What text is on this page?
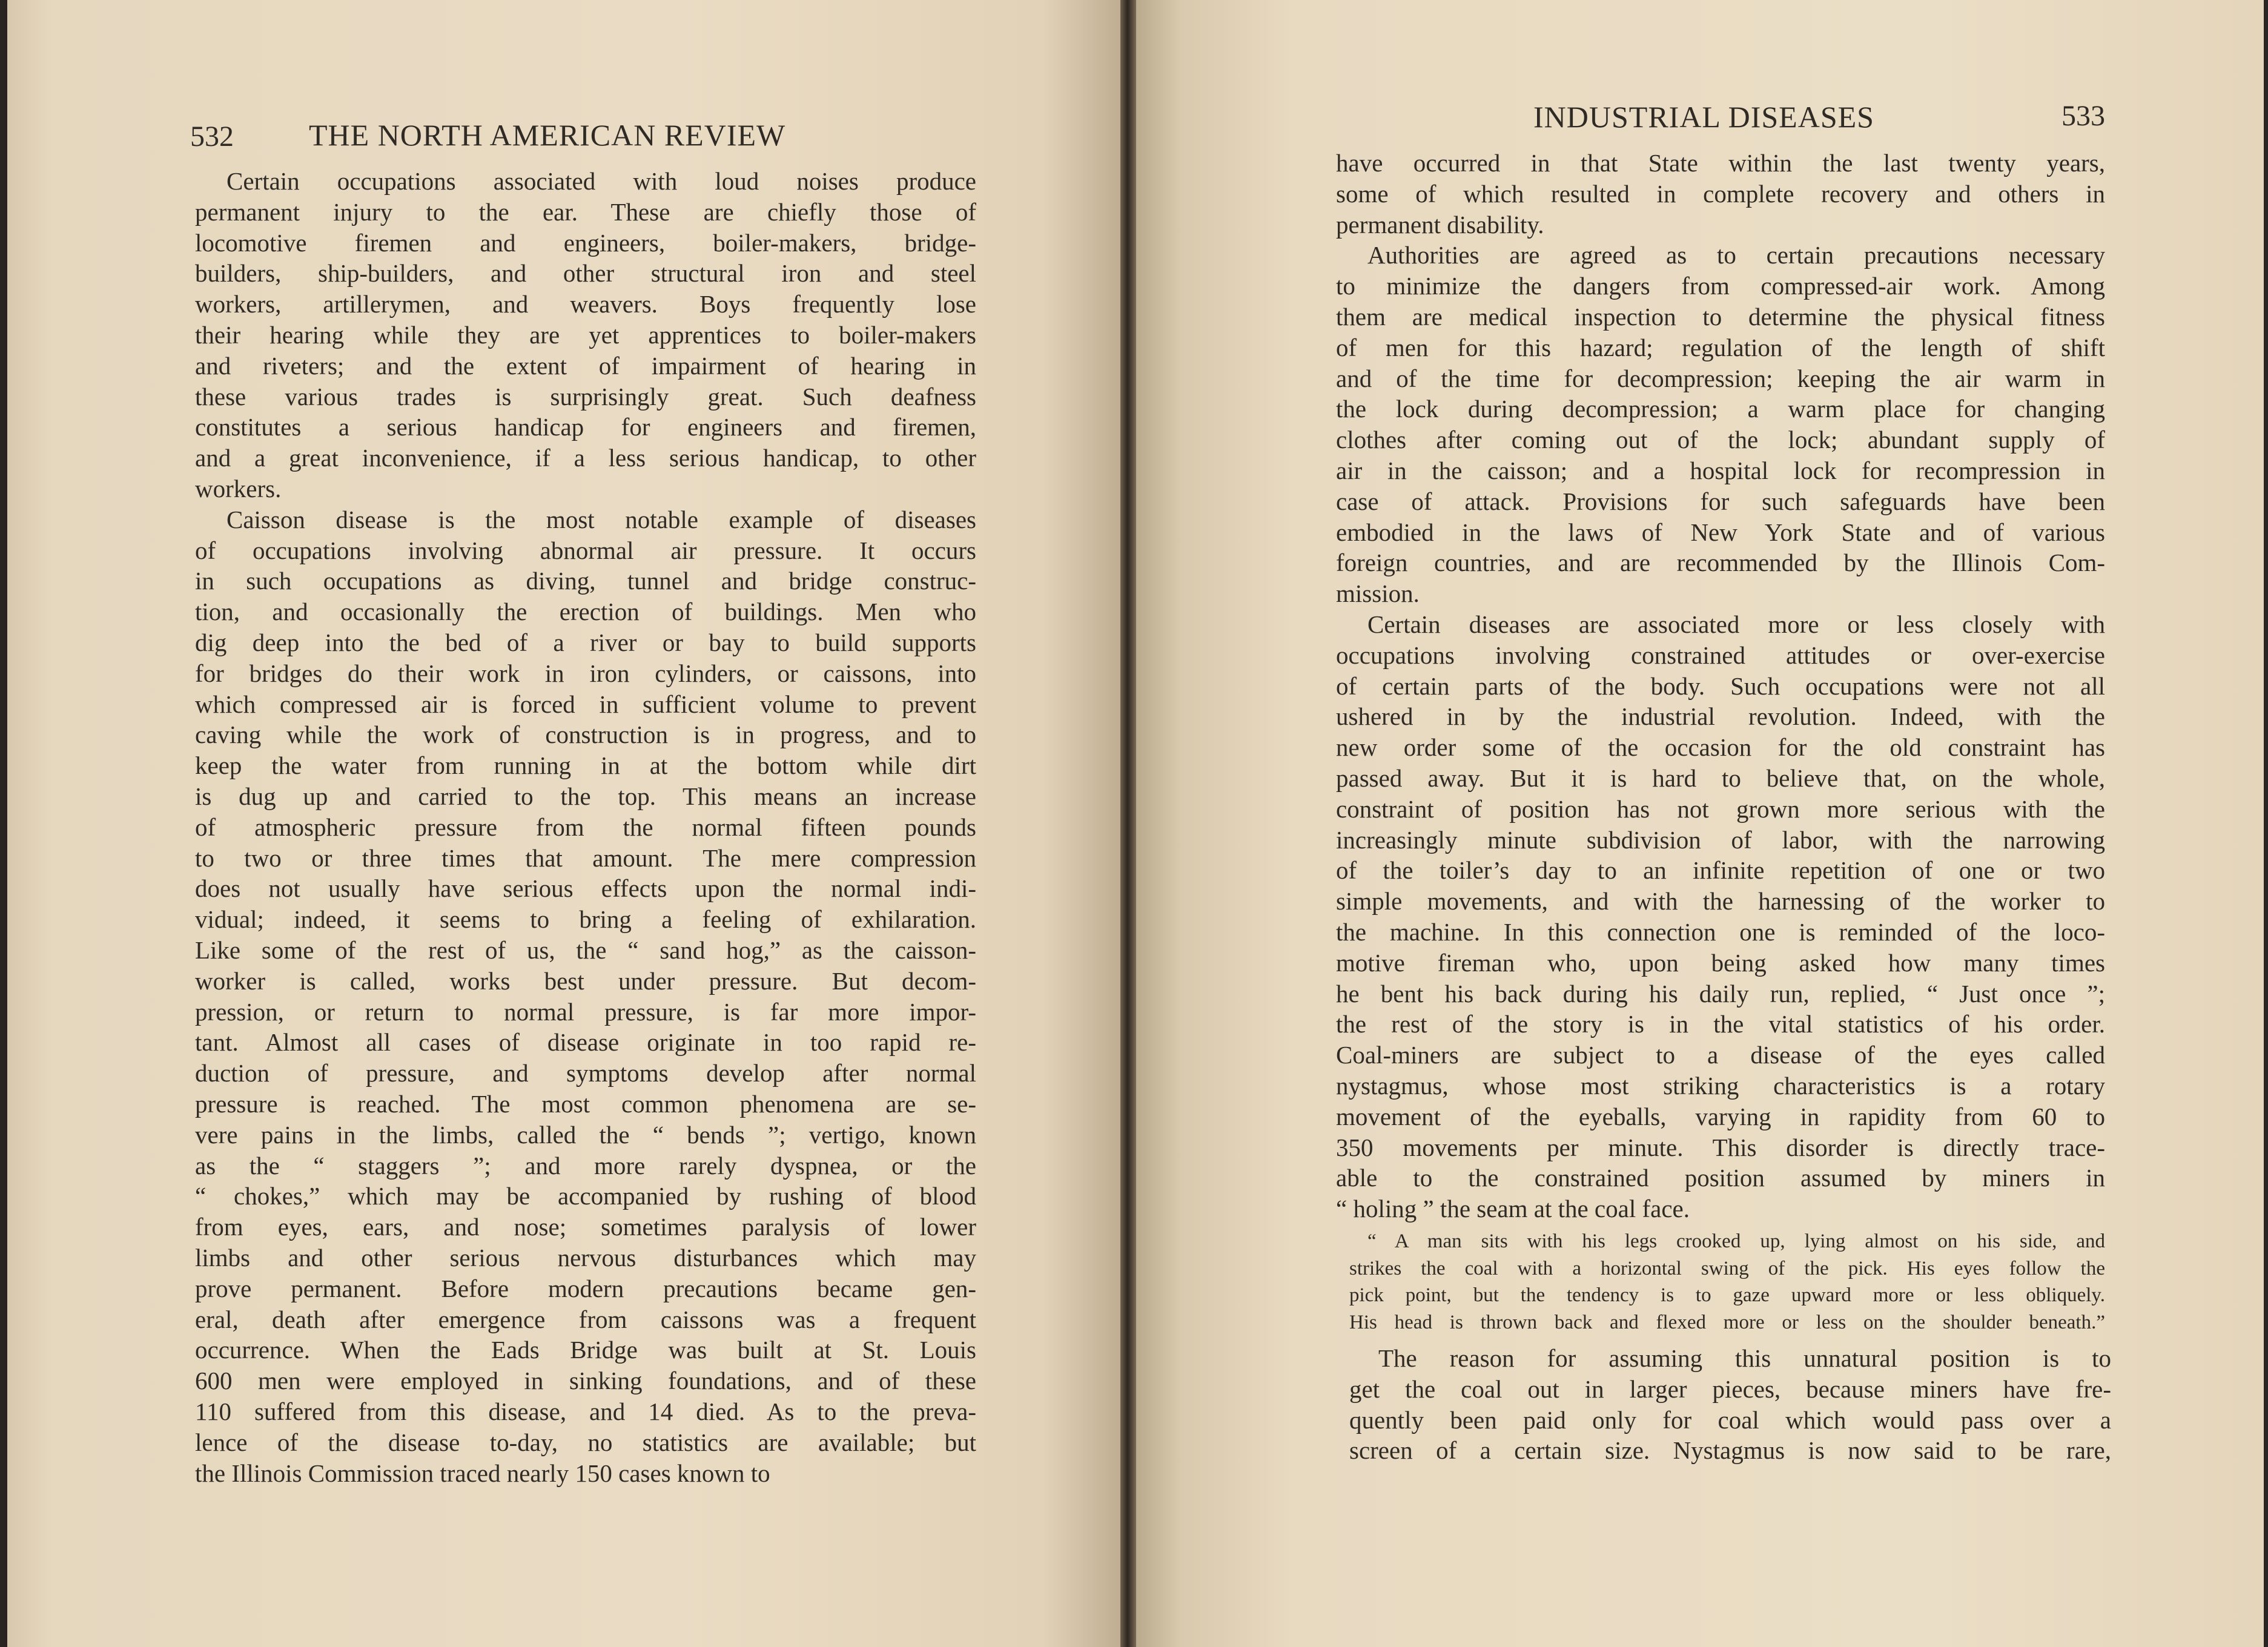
532 THE NORTH AMERICAN REVIEW
Certain occupations associated with loud noises produce
permanent injury to the ear. These are chiefly those of
locomotive firemen and engineers, boiler-makers, bridge-
builders, ship-builders, and other structural iron and steel
workers, artillerymen, and weavers. Boys frequently lose
their hearing while they are yet apprentices to boiler-makers
and riveters; and the extent of impairment of hearing in
these various trades is surprisingly great. Such deafness
constitutes a serious handicap for engineers and firemen,
and a great inconvenience, if a less serious handicap, to other
workers.
Caisson disease is the most notable example of diseases
of occupations involving abnormal air pressure. It occurs
in such occupations as diving, tunnel and bridge construc-
tion, and occasionally the erection of buildings. Men who
dig deep into the bed of a river or bay to build supports
for bridges do their work in iron cylinders, or caissons, into
which compressed air is forced in sufficient volume to prevent
caving while the work of construction is in progress, and to
keep the water from running in at the bottom while dirt
is dug up and carried to the top. This means an increase
of atmospheric pressure from the normal fifteen pounds
to two or three times that amount. The mere compression
does not usually have serious effects upon the normal indi-
vidual; indeed, it seems to bring a feeling of exhilaration.
Like some of the rest of us, the “ sand hog,” as the caisson-
worker is called, works best under pressure. But decom-
pression, or return to normal pressure, is far more impor-
tant. Almost all cases of disease originate in too rapid re-
duction of pressure, and symptoms develop after normal
pressure is reached. The most common phenomena are se-
vere pains in the limbs, called the “ bends ”; vertigo, known
as the “ staggers ”; and more rarely dyspnea, or the
“ chokes,” which may be accompanied by rushing of blood
from eyes, ears, and nose; sometimes paralysis of lower
limbs and other serious nervous disturbances which may
prove permanent. Before modern precautions became gen-
eral, death after emergence from caissons was a frequent
occurrence. When the Eads Bridge was built at St. Louis
600 men were employed in sinking foundations, and of these
110 suffered from this disease, and 14 died. As to the preva-
lence of the disease to-day, no statistics are available; but
the Illinois Commission traced nearly 150 cases known to
INDUSTRIAL DISEASES	533
have occurred in that State within the last twenty years,
some of which resulted in complete recovery and others in
permanent disability.
Authorities are agreed as to certain precautions necessary
to minimize the dangers from compressed-air work. Among
them are medical inspection to determine the physical fitness
of men for this hazard; regulation of the length of shift
and of the time for decompression; keeping the air warm in
the lock during decompression; a warm place for changing
clothes after coming out of the lock; abundant supply of
air in the caisson; and a hospital lock for recompression in
case of attack. Provisions for such safeguards have been
embodied in the laws of New York State and of various
foreign countries, and are recommended by the Illinois Com-
mission.
Certain diseases are associated more or less closely with
occupations involving constrained attitudes or over-exercise
of certain parts of the body. Such occupations were not all
ushered in by the industrial revolution. Indeed, with the
new order some of the occasion for the old constraint has
passed away. But it is hard to believe that, on the whole,
constraint of position has not grown more serious with the
increasingly minute subdivision of labor, with the narrowing
of the toiler’s day to an infinite repetition of one or two
simple movements, and with the harnessing of the worker to
the machine. In this connection one is reminded of the loco-
motive fireman who, upon being asked how many times
he bent his back during his daily run, replied, “ Just once ”;
the rest of the story is in the vital statistics of his order.
Coal-miners are subject to a disease of the eyes called
nystagmus, whose most striking characteristics is a rotary
movement of the eyeballs, varying in rapidity from 60 to
350 movements per minute. This disorder is directly trace-
able to the constrained position assumed by miners in
“ holing ” the seam at the coal face.
“ A man sits with his legs crooked up, lying almost on his side, and
strikes the coal with a horizontal swing of the pick. His eyes follow the
pick point, but the tendency is to gaze upward more or less obliquely.
His head is thrown back and flexed more or less on the shoulder beneath.”
The reason for assuming this unnatural position is to
get the coal out in larger pieces, because miners have fre-
quently been paid only for coal which would pass over a
screen of a certain size. Nystagmus is now said to be rare,
